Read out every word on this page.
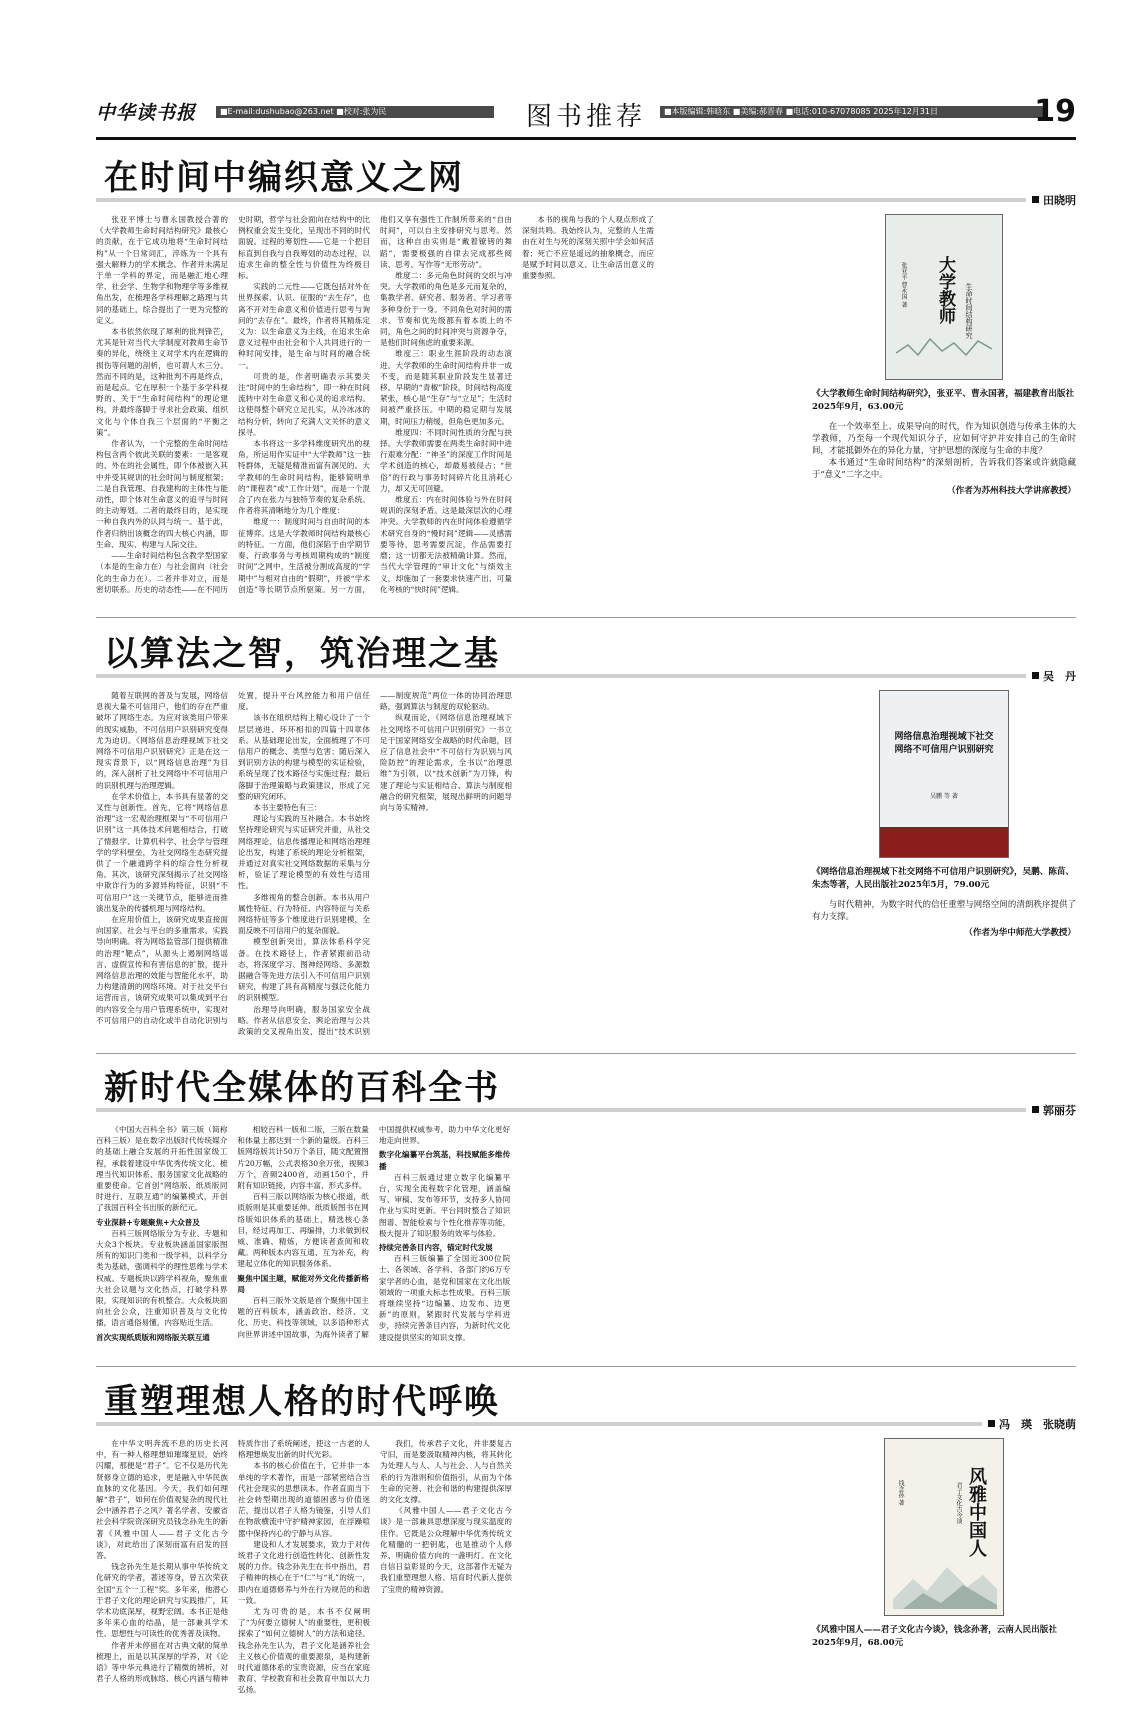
中华读书报	■E-mail:dushubao@263.net ■校对:张为民	图书推荐	■本版编辑:韩晗东 ■美编:郝晋春 ■电话:010-67078085 2025年12月31日	19
在时间中编织意义之网
田晓明

张亚平博士与曹永国教授合著的《大学教师生命时间结构研究》最核心的贡献，在于它成功地将“生命时间结构”从一个日常词汇，淬炼为一个具有强大解释力的学术概念。作者并未满足于单一学科的界定，而是融汇地心理学、社会学、生物学和物理学等多维视角出发，在梳理各学科理解之路理与共同的基础上，综合提出了一更为完整的定义。

本书依然依现了犀利的批判锋芒，尤其是针对当代大学制度对教师生命节奏的异化，绕绕主义对学术内在逻辑的损伤等问题的剖析，也可谓人木三分。然而不同的是，这种批判不再是终点，而是起点。它在厚积一个基于多学科视野的、关于“生命时间结构”的理论建构，并最终落脚于寻求社会政策、组织文化与个体自我三个层面的“平衡之策”。

作者认为，一个完整的生命时间结构包含两个彼此关联的要素：一是客观的、外在的社会属性，即个体被嵌入其中并受其规训的社会时间与制度框架；二是自我管理、自我建构的主体性与能动性，即个体对生命意义的追寻与时间的主动筹划。二者的最终目的，是实现一种自我内外的认同与统一。基于此，作者归纳出该概念的四大核心内涵，即生命、现实、构建与人际交往。

——生命时间结构包含教学型国家（本是的生命力在）与社会面向（社会化的生命力在）。二者并非对立，而是密切联系。历史的动态性——在不同历史时期，哲学与社会面向在结构中的比例权重会发生变化，呈现出不同的时代面貌。过程的筹划性——它是一个把目标直到自我与自我筹划的动态过程，以追求生命的整全性与价值性为终极目标。

实践的二元性——它既包括对外在世界探索、认识、征服的“去生存”，也离不开对生命意义和价值进行思考与询问的“去存在”。最终，作者将其精炼定义为：以生命意义为主线，在追求生命意义过程中由社会和个人共同进行的一种时间安排，是生命与时间的融合统一。

可贵的是，作者明确表示其要关注“时间中的生命结构”，即一种在时间流转中对生命意义和心灵的追求结构。这使得整个研究立足扎实，从冷冰冰的结构分析，转向了充满人文关怀的意义探寻。

本书将这一多学科维度研究出的视角，所运用作实证中“大学教师”这一独特群体，无疑是精准而富有洞见的。大学教师的生命时间结构，能够简明单的“课程表”或“工作计划”，而是一个混合了内在张力与独特节奏的复杂系统。作者将其清晰地分为几个维度：

维度一：制度时间与自由时间的本征博弈。这是大学教师时间结构最核心的特征。一方面，他们深陷于由学期节奏、行政事务与考核周期构成的“制度时间”之网中，生活被分割成高度的“学期中”与相对自由的“假期”，并被“学术创造”等长期节点所驱策。另一方面，他们又享有强性工作制所带来的“自由时间”，可以自主安排研究与思考。然而，这种自由实则是“戴着镣铐的舞蹈”，需要极强的自律去完成那些阅读、思考、写作等“无形劳动”。

维度二：多元角色时间的交织与冲突。大学教师的角色是多元而复杂的，集教学者、研究者、服务者、学习者等多种身份于一身。不同角色对时间的需求、节奏和优先级都有着本质上的不同，角色之间的时间冲突与资源争夺，是他们时间焦虑的重要来源。

维度三：职业生涯阶段的动态演进。大学教师的生命时间结构并非一成不变，而是随其职业阶段发生显著迁移。早期的“青椒”阶段，时间结构高度紧张，核心是“生存”与“立足”；生活时间被严重挤压。中期的稳定期与发展期，时间压力稍缓，但角色更加多元。

维度四：不同时间性质的分配与抉择。大学教师需要在两类生命时间中进行艰难分配：“神圣”的深度工作时间是学术创造的核心，却最易被侵占；“世俗”的行政与事务时间碎片化且消耗心力，却又无可回避。

维度五：内在时间体验与外在时间规训的深刻矛盾。这是最深层次的心理冲突。大学教师的内在时间体验遵循学术研究自身的“慢时间”逻辑——灵感需要等待，思考需要沉淀，作品需要打磨；这一切都无法被精确计算。然而，当代大学管理的“审计文化”与绩效主义，却施加了一套要求快速产出、可量化考核的“快时间”逻辑。

本书的视角与我的个人观点形成了深刻共鸣。我始终认为，完整的人生需由在对生与死的深刻关照中学会如何活着；死亡不应是遥远的抽象概念，而应是赋予时间以意义、让生命活出意义的重要参照。	大学教师	生命时间结构研究
张亚平 曹永国 著
《大学教师生命时间结构研究》，张亚平、曹永国著，福建教育出版社2025年9月，63.00元

在一个效率至上、成果导向的时代，作为知识创造与传承主体的大学教师，乃至每一个现代知识分子，应如何守护并安排自己的生命时间，才能抵御外在的异化力量，守护思想的深度与生命的丰度？

本书通过“生命时间结构”的深刻剖析，告诉我们答案或许就隐藏于“意义”二字之中。

（作者为苏州科技大学讲席教授）
以算法之智，筑治理之基
吴　丹

随着互联网的普及与发展，网络信息视大量不可信用户，他们的存在严重破坏了网络生态。为应对该类用户带来的现实威胁，不可信用户识别研究变得尤为迫切。《网络信息治理视域下社交网络不可信用户识别研究》正是在这一现实背景下，以“网络信息治理”为目的，深入剖析了社交网络中不可信用户的识别机理与治理逻辑。

在学术价值上，本书具有显著的交叉性与创新性。首先，它将“网络信息治理”这一宏观治理框架与“不可信用户识别”这一具体技术问题相结合，打破了情报学、计算机科学、社会学与管理学的学科壁垒，为社交网络生态研究提供了一个融通跨学科的综合性分析视角。其次，该研究深刻揭示了社交网络中欺诈行为的多源异构特征，识别“不可信用户”这一关键节点，能够进而推演出复杂的传播机理与网络结构。

在应用价值上，该研究成果直接面向国家、社会与平台的多重需求，实践导向明确。将为网络监管部门提供精准的治理“靶点”，从源头上遏制网络谣言、虚假宣传和有害信息的扩散，提升网络信息治理的效能与智能化水平，助力构建清朗的网络环境。对于社交平台运营而言，该研究成果可以集成到平台的内容安全与用户管理系统中，实现对不可信用户的自动化或半自动化识别与处置，提升平台风控能力和用户信任度。

该书在组织结构上精心设计了一个层层递进、环环相扣的四篇十四章体系。从基础理论出发，全面梳理了不可信用户的概念、类型与危害；随后深入到识别方法的构建与模型的实证检验，系统呈现了技术路径与实施过程；最后落脚于治理策略与政策建议，形成了完整的研究闭环。

本书主要特色有三：

理论与实践的互补融合。本书始终坚持理论研究与实证研究并重，从社交网络理论、信息传播理论和网络治理理论出发，构建了系统的理论分析框架，并通过对真实社交网络数据的采集与分析，验证了理论模型的有效性与适用性。

多维视角的整合创新。本书从用户属性特征、行为特征、内容特征与关系网络特征等多个维度进行识别建模，全面反映不可信用户的复杂面貌。

模型创新突出，算法体系科学完备。在技术路径上，作者紧跟前沿动态，将深度学习、图神经网络、多源数据融合等先进方法引入不可信用户识别研究，构建了具有高精度与强泛化能力的识别模型。

治理导向明确，服务国家安全战略。作者从信息安全、舆论治理与公共政策的交叉视角出发，提出“技术识别——制度规范”两位一体的协同治理思路，强调算法与制度的双轮驱动。

纵观而论，《网络信息治理视域下社交网络不可信用户识别研究》一书立足于国家网络安全战略的时代命题，回应了信息社会中“不可信行为识别与风险防控”的理论需求，全书以“治理思维”为引领，以“技术创新”为刀锋，构建了理论与实证相结合、算法与制度相融合的研究框架，展现出鲜明的问题导向与务实精神。

网络信息治理视域下社交网络不可信用户识别研究
吴鹏 等 著
《网络信息治理视域下社交网络不可信用户识别研究》，吴鹏、陈苗、朱杰等著，人民出版社2025年5月，79.00元

与时代精神，为数字时代的信任重塑与网络空间的清朗秩序提供了有力支撑。

（作者为华中师范大学教授）
新时代全媒体的百科全书
郭丽芬

《中国大百科全书》第三版（简称百科三版）是在数字出版时代传统媒介的基础上融合发展的开拓性国家级工程，承载着建设中华优秀传统文化、梳理当代知识体系、服务国家文化战略的重要使命。它首创“网络版、纸质版同时进行、互联互通”的编纂模式，开创了我国百科全书出版的新纪元。

专业深耕+专题聚焦+大众普及

百科三版网络版分为专业、专题和大众3个板块。专业板块涵盖国家版图所有的知识门类和一级学科，以科学分类为基础，强调科学的理性思维与学术权威。专题板块以跨学科视角，聚焦重大社会议题与文化热点，打破学科界限，实现知识的有机整合。大众板块面向社会公众，注重知识普及与文化传播，语言通俗易懂，内容贴近生活。

首次实现纸质版和网络版关联互通

相较百科一版和二版，三版在数量和体量上都达到一个新的量级。百科三版网络版共计50万个条目，随文配置图片20万幅，公式表格30余万张，视频3万个，音频2400首，动画150个，并附有知识链接，内容丰富、形式多样。

百科三版以网络版为核心报道，纸质版则是其重要延伸。纸质版图书在网络版知识体系的基础上，精选核心条目，经过再加工、再编排，力求做到权威、准确、精炼，方便读者查阅和收藏。两种版本内容互通、互为补充，构建起立体化的知识服务体系。

聚焦中国主题，赋能对外文化传播新格局

百科三版外文版是首个聚焦中国主题的百科版本，涵盖政治、经济、文化、历史、科技等领域，以多语种形式向世界讲述中国故事，为海外读者了解中国提供权威参考，助力中华文化更好地走向世界。

数字化编纂平台筑基，科技赋能多维传播

百科三版通过建立数字化编纂平台，实现全流程数字化管理，涵盖编写、审稿、发布等环节，支持多人协同作业与实时更新。平台同时整合了知识图谱、智能检索与个性化推荐等功能，极大提升了知识服务的效率与体验。

持续完善条目内容，锚定时代发展

百科三版编纂了全国近300位院士、各领域、各学科、各部门约6万专家学者的心血，是党和国家在文化出版领域的一项重大标志性成果。百科三版将继续坚持“边编纂、边发布、边更新”的原则，紧跟时代发展与学科进步，持续完善条目内容，为新时代文化建设提供坚实的知识支撑。

重塑理想人格的时代呼唤
冯　瑛　张晓萌

在中华文明奔流不息的历史长河中，有一种人格理想如璀璨星辰，始终闪耀，那便是“君子”。它不仅是历代先贤修身立德的追求，更是融入中华民族血脉的文化基因。今天，我们如何理解“君子”，如何在价值观复杂的现代社会中涵养君子之风？著名学者、安徽省社会科学院资深研究员钱念孙先生的新著《风雅中国人——君子文化古今谈》，对此给出了深刻而富有启发的回答。

钱念孙先生是长期从事中华传统文化研究的学者，著述等身，曾五次荣获全国“五个一工程”奖。多年来，他潜心于君子文化的理论研究与实践推广，其学术功底深厚，视野宏阔。本书正是他多年来心血的结晶，是一部兼具学术性、思想性与可读性的优秀普及读物。

作者并未停留在对古典文献的简单梳理上，而是以其深厚的学养，对《论语》等中华元典进行了精微的辨析，对君子人格的形成脉络、核心内涵与精神特质作出了系统阐述，使这一古老的人格理想焕发出新的时代光彩。

本书的核心价值在于，它并非一本单纯的学术著作，而是一部紧密结合当代社会现实的思想读本。作者直面当下社会转型期出现的道德困惑与价值迷茫，提出以君子人格为镜鉴，引导人们在物欲横流中守护精神家园，在浮躁喧嚣中保持内心的宁静与从容。

建设和人才发展要求，致力于对传统君子文化进行创造性转化、创新性发展的力作。钱念孙先生在书中指出，君子精神的核心在于“仁”与“礼”的统一，即内在道德修养与外在行为规范的和谐一致。

尤为可贵的是，本书不仅阐明了“为何要立德树人”的重要性，更积极探索了“如何立德树人”的方法和途径。钱念孙先生认为，君子文化是涵养社会主义核心价值观的重要源泉，是构建新时代道德体系的宝贵资源，应当在家庭教育、学校教育和社会教育中加以大力弘扬。

我们，传承君子文化，并非要复古守旧，而是要汲取精神内核，将其转化为处理人与人、人与社会、人与自然关系的行为准则和价值指引，从而为个体生命的完善、社会和谐的构建提供深厚的文化支撑。

《风雅中国人——君子文化古今谈》是一部兼具思想深度与现实温度的佳作。它既是公众理解中华优秀传统文化精髓的一把钥匙，也是推动个人修养、明确价值方向的一盏明灯。在文化自信日益彰显的今天，这部著作无疑为我们重塑理想人格、培育时代新人提供了宝贵的精神资源。

风雅中国人
君子文化古今谈
钱念孙 著
《风雅中国人——君子文化古今谈》，钱念孙著，云南人民出版社2025年9月，68.00元
